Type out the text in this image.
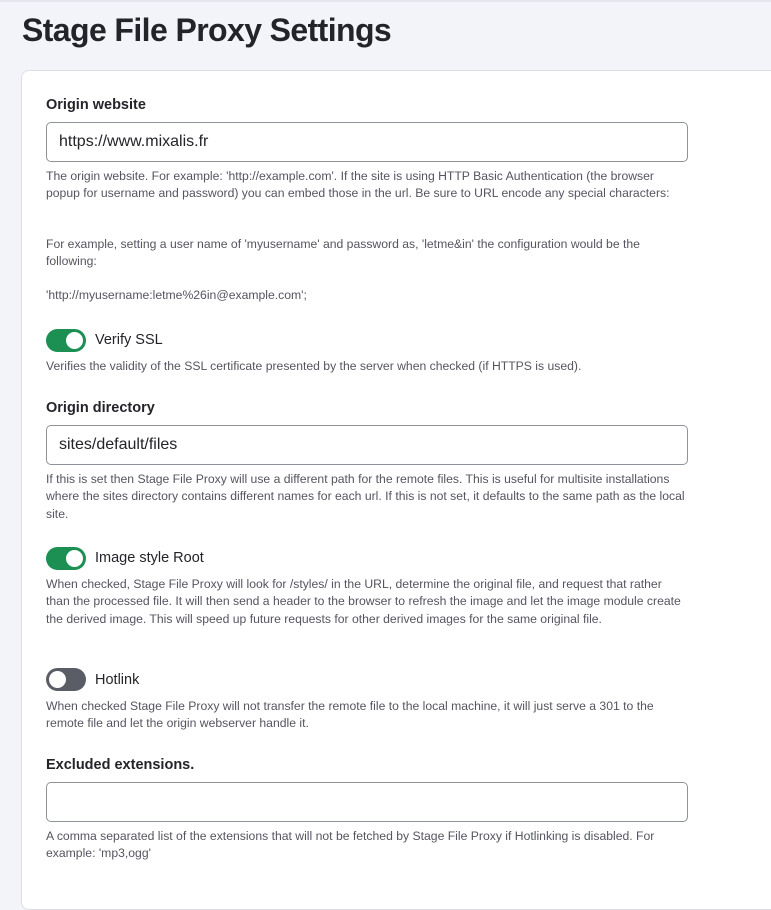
Stage File Proxy Settings
Origin website
https://www.mixalis.fr

The origin website. For example: 'http://example.com'. If the site is using HTTP Basic Authentication (the browser popup for username and password) you can embed those in the url. Be sure to URL encode any special characters:

For example, setting a user name of 'myusername' and password as, 'letme&in' the configuration would be the following:

'http://myusername:letme%26in@example.com';

Verify SSL

Verifies the validity of the SSL certificate presented by the server when checked (if HTTPS is used).

Origin directory
sites/default/files

If this is set then Stage File Proxy will use a different path for the remote files. This is useful for multisite installations where the sites directory contains different names for each url. If this is not set, it defaults to the same path as the local site.

Image style Root

When checked, Stage File Proxy will look for /styles/ in the URL, determine the original file, and request that rather than the processed file. It will then send a header to the browser to refresh the image and let the image module create the derived image. This will speed up future requests for other derived images for the same original file.

Hotlink

When checked Stage File Proxy will not transfer the remote file to the local machine, it will just serve a 301 to the remote file and let the origin webserver handle it.

Excluded extensions.

A comma separated list of the extensions that will not be fetched by Stage File Proxy if Hotlinking is disabled. For example: 'mp3,ogg'
